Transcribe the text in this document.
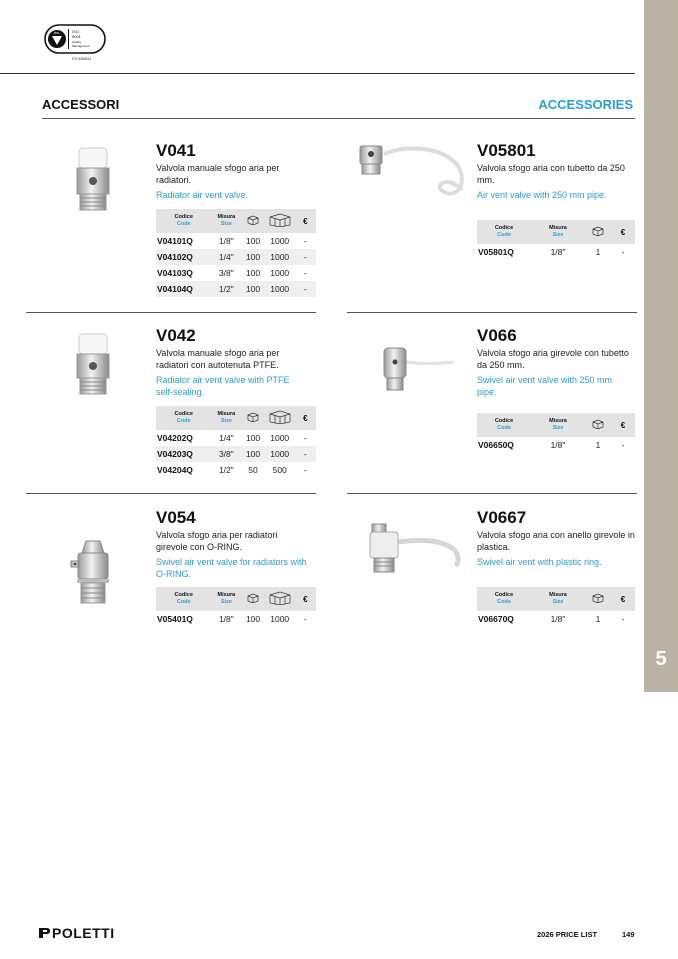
5
bsi.	ISO
9001
Quality
Management
FS 559631
ACCESSORI	ACCESSORIES
V041
Valvola manuale sfogo aria per radiatori.
Radiator air vent valve.
Codice
Code	Misura
Size			€
V04101Q	1/8"	100	1000	-
V04102Q	1/4"	100	1000	-
V04103Q	3/8"	100	1000	-
V04104Q	1/2"	100	1000	-
V05801
Valvola sfogo aria con tubetto da 250 mm.
Air vent valve with 250 mm pipe.
Codice
Code	Misura
Size		€
V05801Q	1/8"	1	-
V042
Valvola manuale sfogo aria per radiatori con autotenuta PTFE.
Radiator air vent valve with PTFE self-sealing.
Codice
Code	Misura
Size			€
V04202Q	1/4"	100	1000	-
V04203Q	3/8"	100	1000	-
V04204Q	1/2"	50	500	-
V066
Valvola sfogo aria girevole con tubetto da 250 mm.
Swivel air vent valve with 250 mm pipe.
Codice
Code	Misura
Size		€
V06650Q	1/8"	1	-
V054
Valvola sfogo aria per radiatori girevole con O-RING.
Swivel air vent valve for radiators with O-RING.
Codice
Code	Misura
Size			€
V05401Q	1/8"	100	1000	-
V0667
Valvola sfogo aria con anello girevole in plastica.
Swivel air vent with plastic ring.
Codice
Code	Misura
Size		€
V06670Q	1/8"	1	-
POLETTI	2026 PRICE LIST	149
